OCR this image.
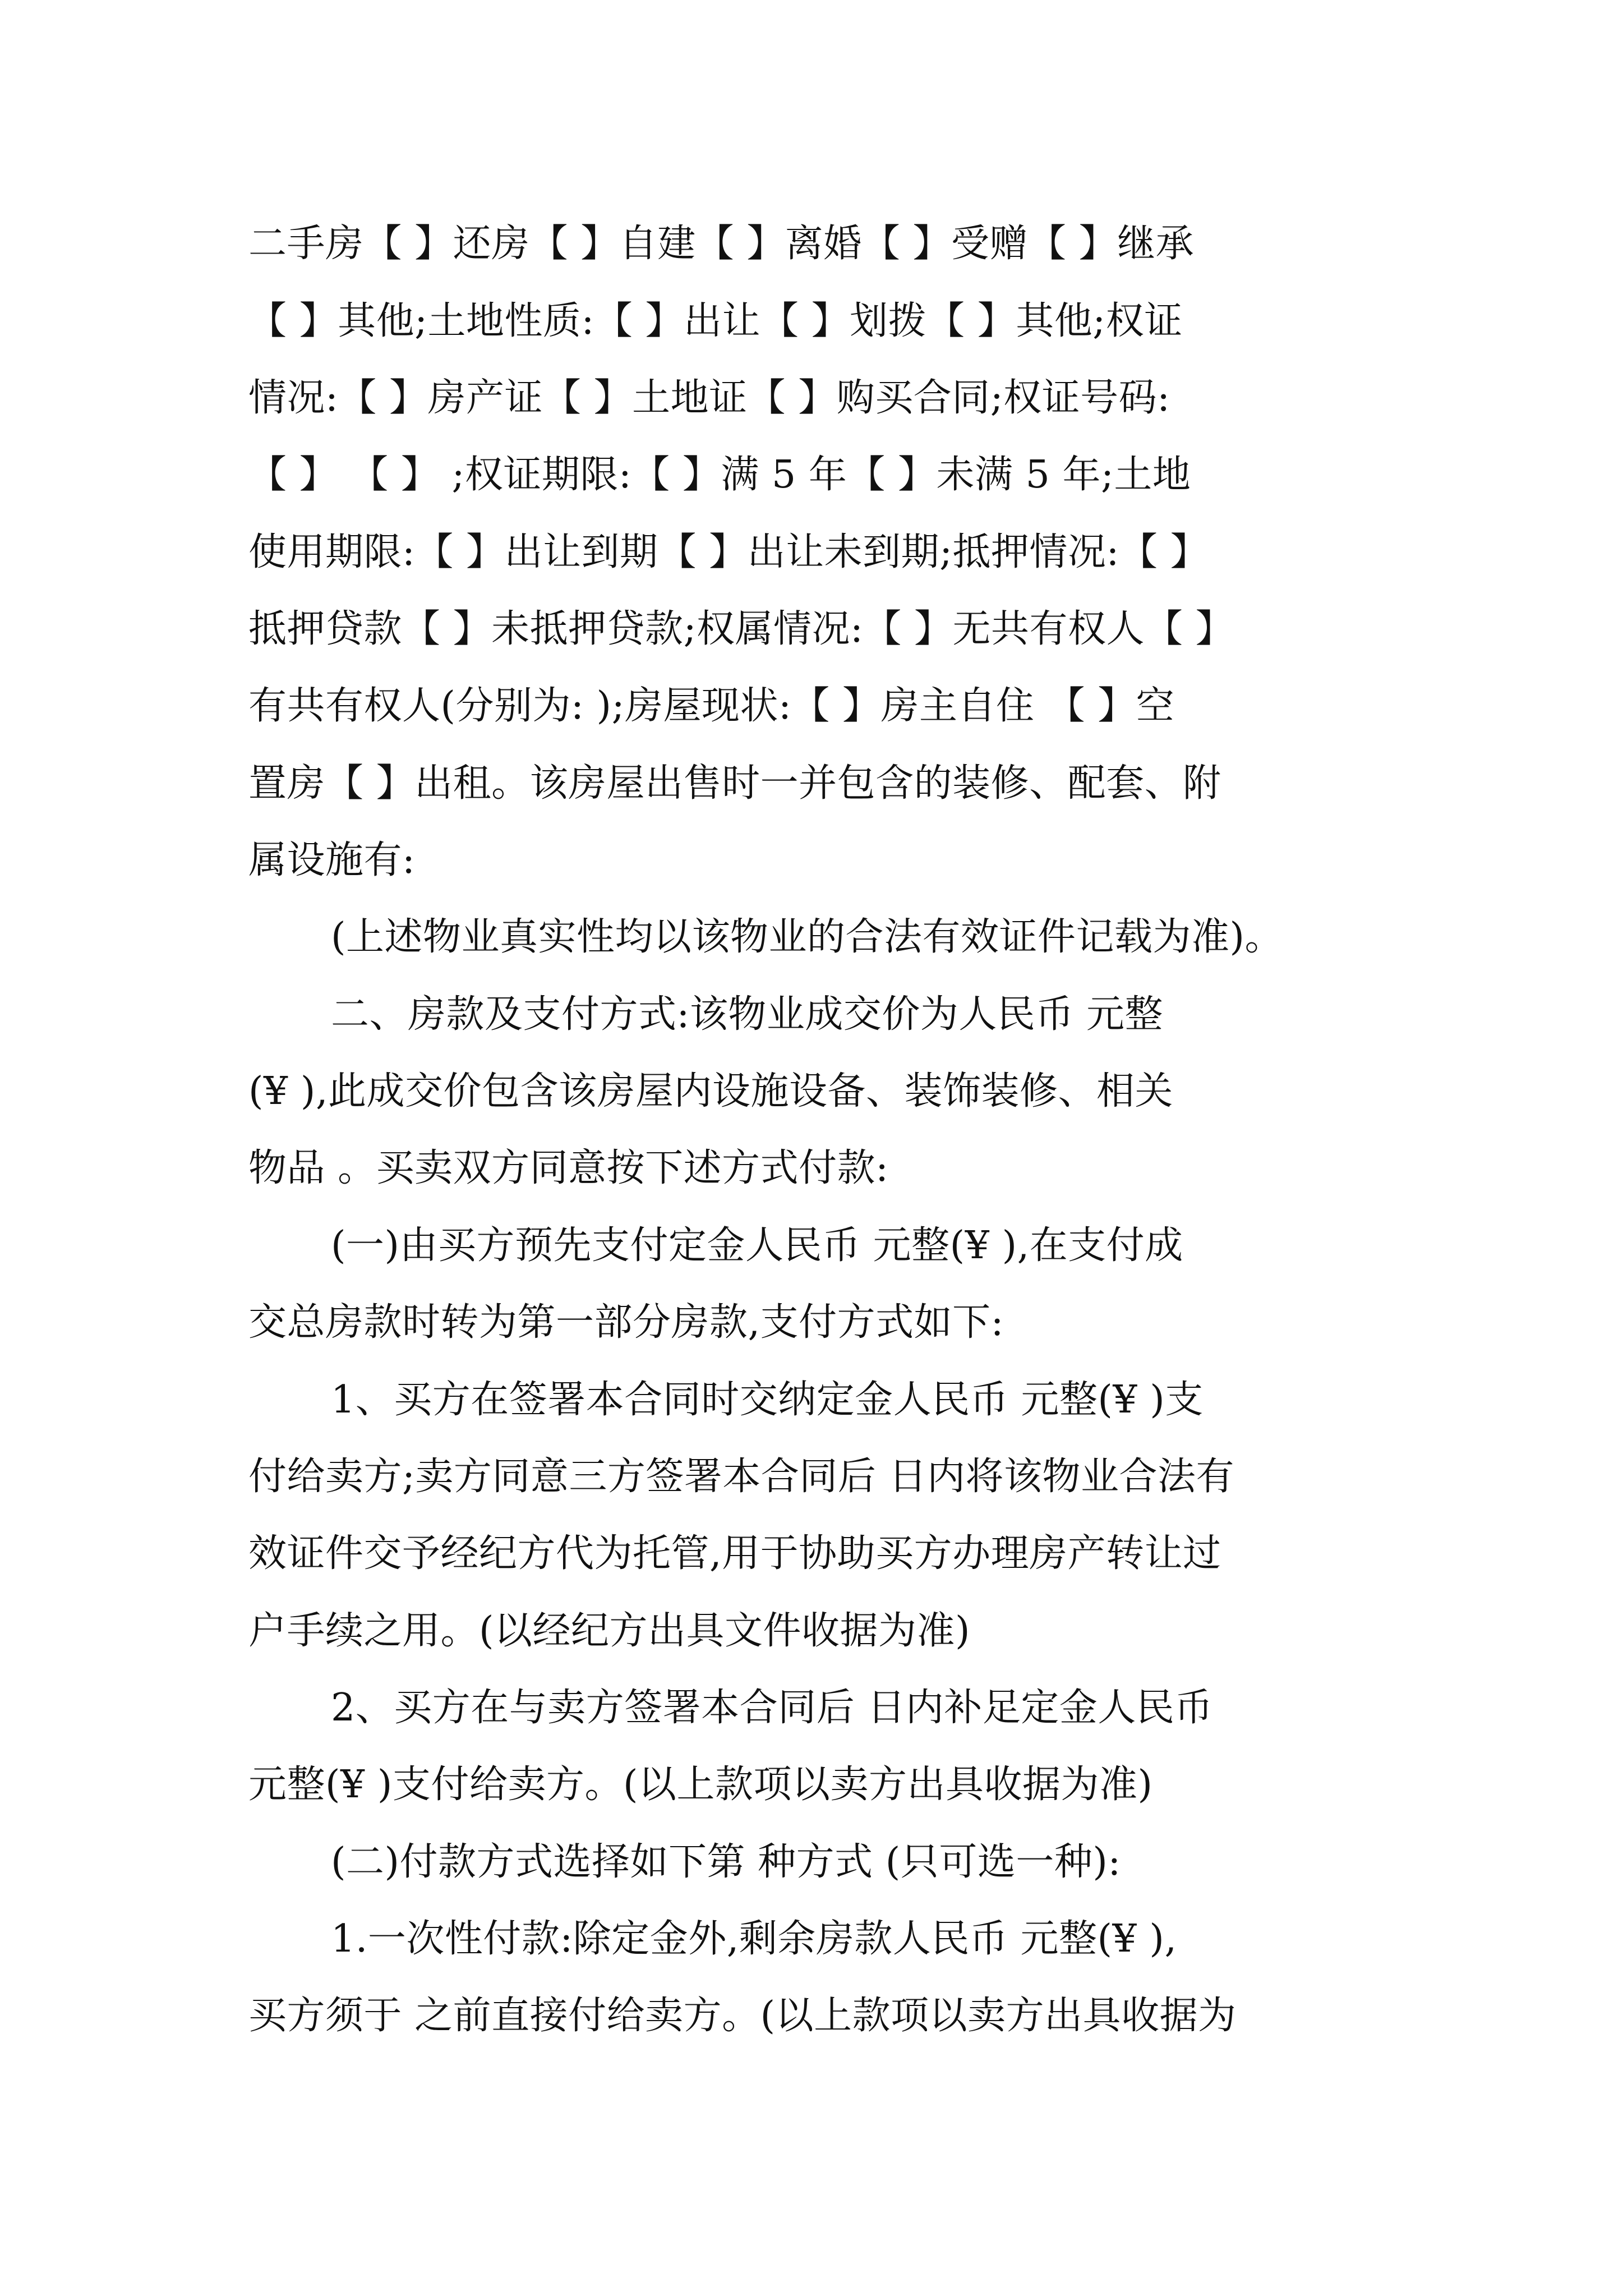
二手房【 】还房【 】自建【 】离婚【 】受赠【 】继承
【 】其他;土地性质:【 】出让【 】划拨【 】其他;权证
情况:【 】房产证【 】土地证【 】购买合同;权证号码:
【 】 【 】 ;权证期限:【 】满 5 年【 】未满 5 年;土地
使用期限:【 】出让到期【 】出让未到期;抵押情况:【 】
抵押贷款【 】未抵押贷款;权属情况:【 】无共有权人【 】
有共有权人(分别为: );房屋现状:【 】房主自住 【 】空
置房【 】出租。该房屋出售时一并包含的装修、配套、附
属设施有:
(上述物业真实性均以该物业的合法有效证件记载为准)。
二、房款及支付方式:该物业成交价为人民币 元整
(¥ ),此成交价包含该房屋内设施设备、装饰装修、相关
物品 。买卖双方同意按下述方式付款:
(一)由买方预先支付定金人民币 元整(¥ ),在支付成
交总房款时转为第一部分房款,支付方式如下:
1、买方在签署本合同时交纳定金人民币 元整(¥ )支
付给卖方;卖方同意三方签署本合同后 日内将该物业合法有
效证件交予经纪方代为托管,用于协助买方办理房产转让过
户手续之用。(以经纪方出具文件收据为准)
2、买方在与卖方签署本合同后 日内补足定金人民币
元整(¥ )支付给卖方。(以上款项以卖方出具收据为准)
(二)付款方式选择如下第 种方式 (只可选一种):
1.一次性付款:除定金外,剩余房款人民币 元整(¥ ),
买方须于 之前直接付给卖方。(以上款项以卖方出具收据为
